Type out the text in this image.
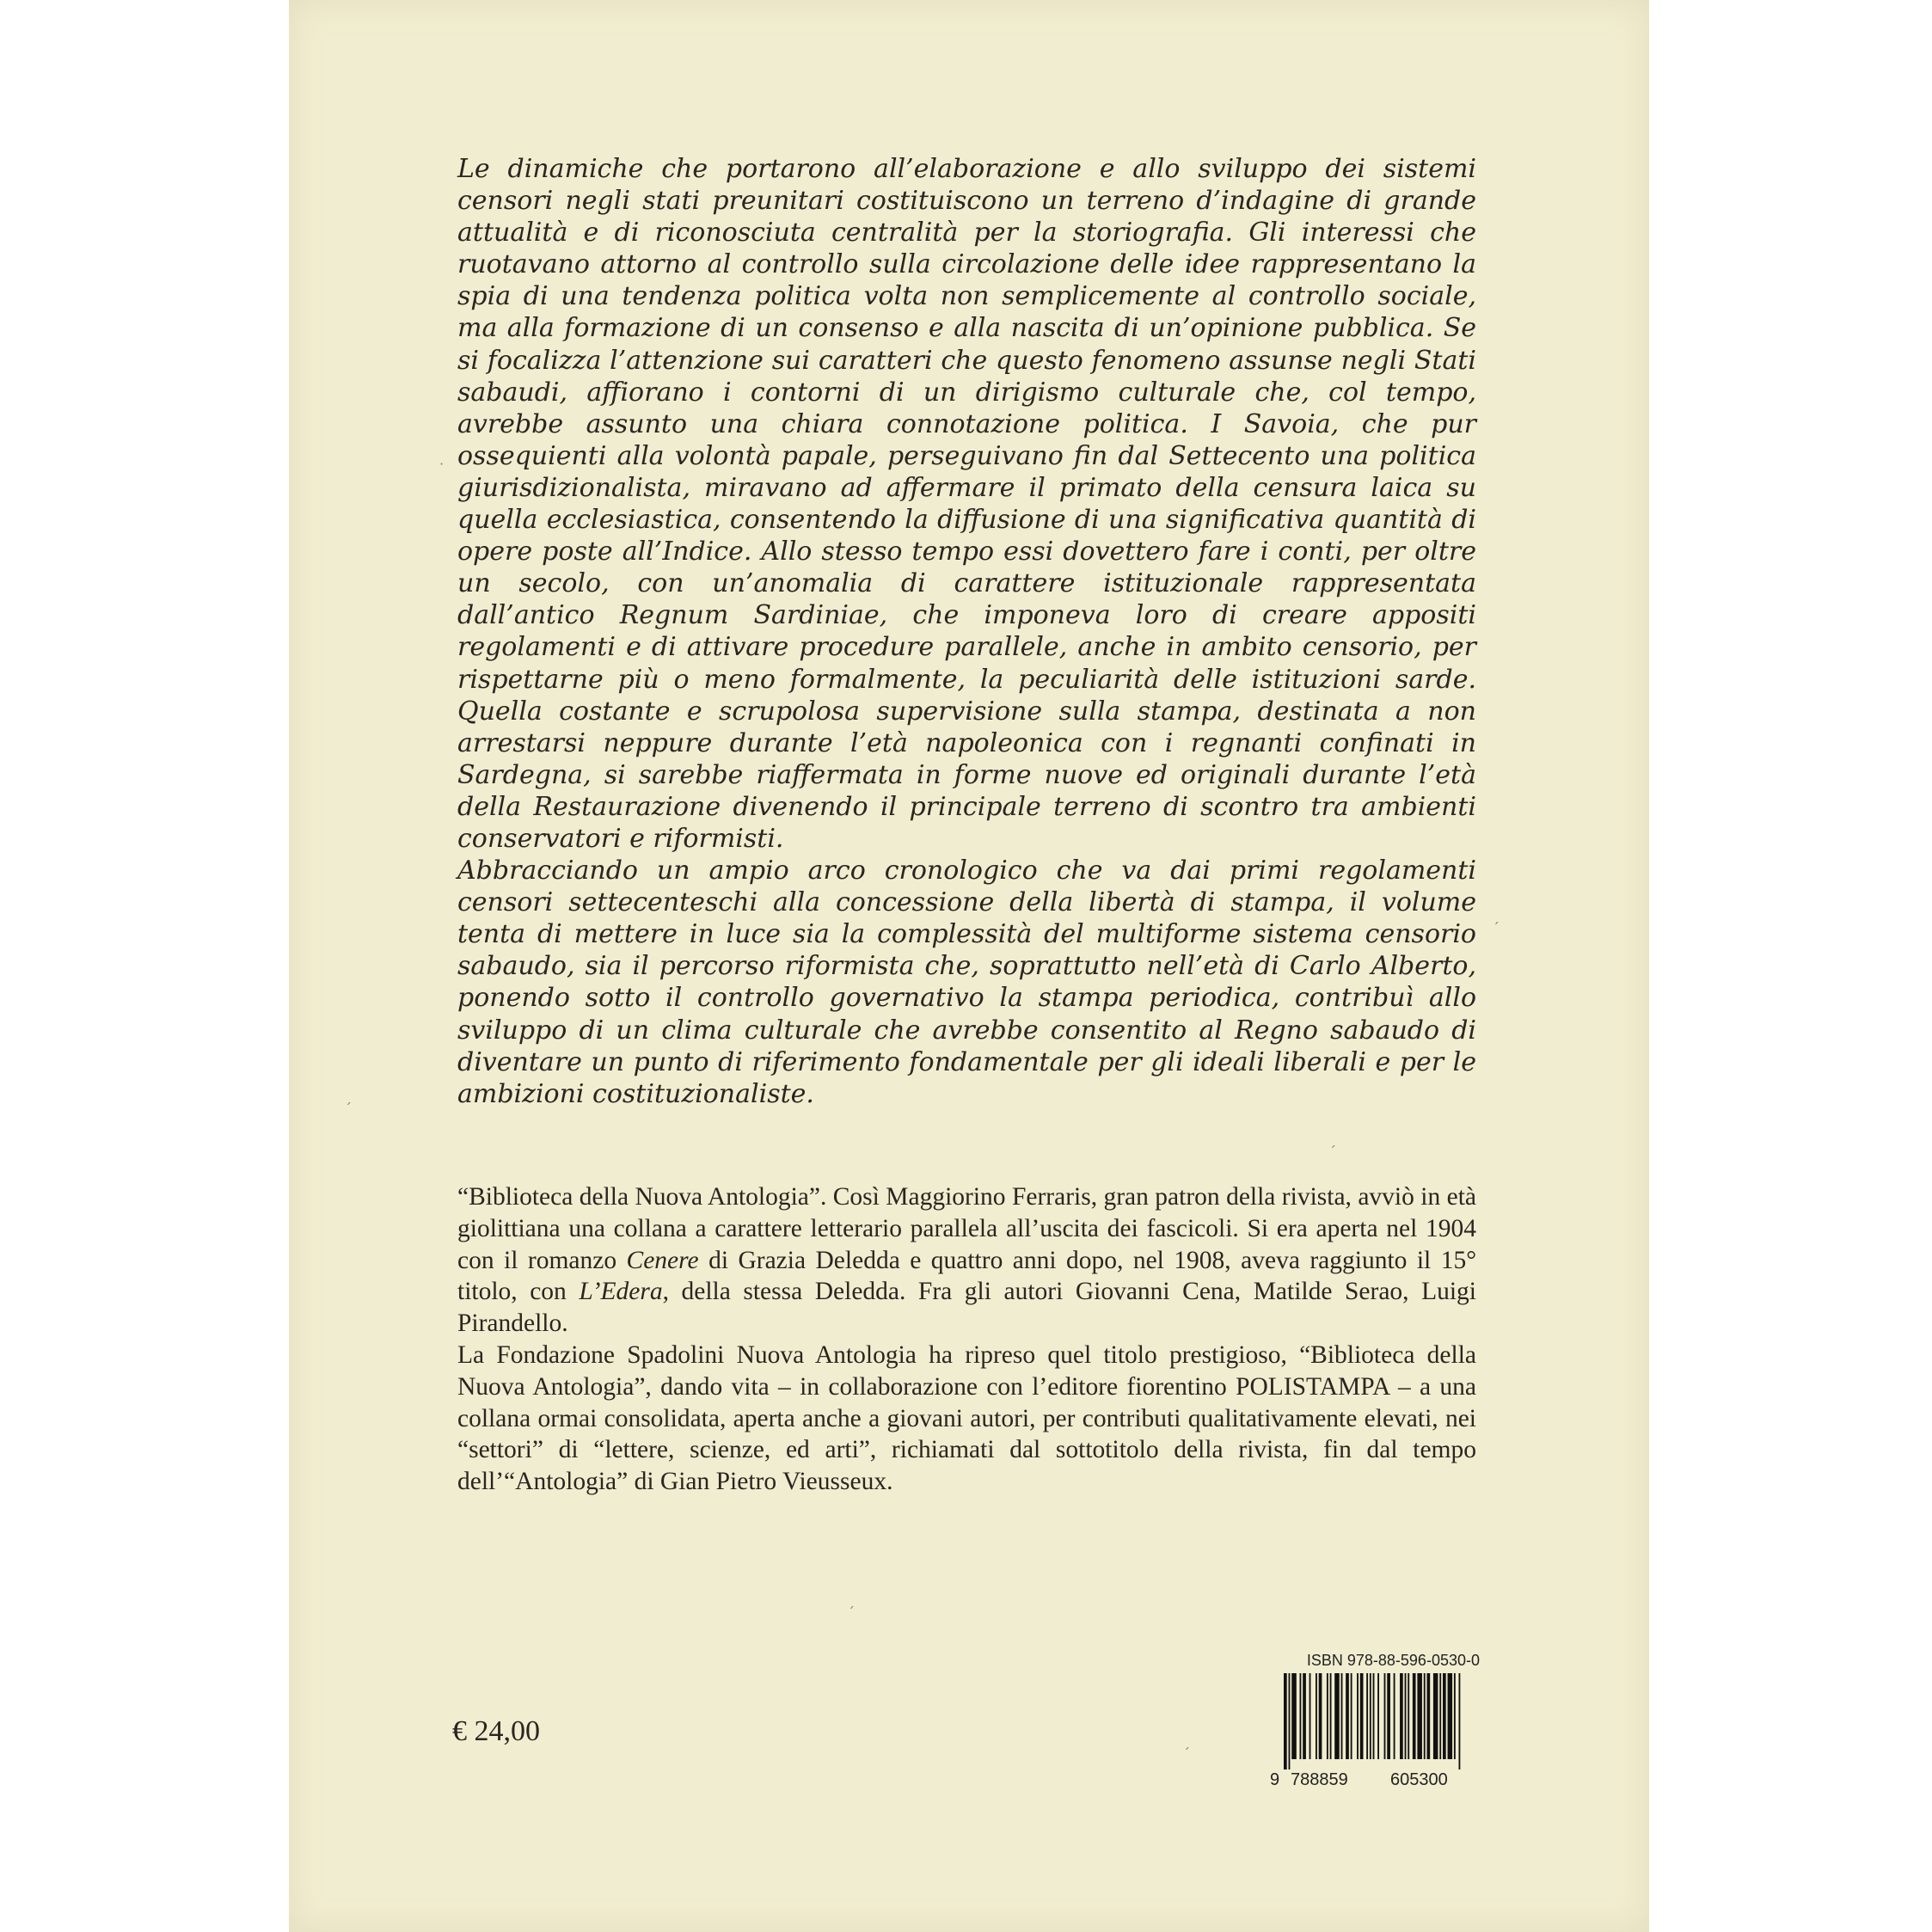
Le dinamiche che portarono all’elaborazione e allo sviluppo dei sistemi censori negli stati preunitari costituiscono un terreno d’indagine di grande attualità e di riconosciuta centralità per la storiografia. Gli interessi che ruotavano attorno al controllo sulla circolazione delle idee rappresentano la spia di una tendenza politica volta non semplicemente al controllo sociale, ma alla formazione di un consenso e alla nascita di un’opinione pubblica. Se si focalizza l’attenzione sui caratteri che questo fenomeno assunse negli Stati sabaudi, affiorano i contorni di un dirigismo culturale che, col tempo, avrebbe assunto una chiara connotazione politica. I Savoia, che pur ossequienti alla volontà papale, perseguivano fin dal Settecento una politica giurisdizionalista, miravano ad affermare il primato della censura laica su quella ecclesiastica, consentendo la diffusione di una significativa quantità di opere poste all’Indice. Allo stesso tempo essi dovettero fare i conti, per oltre un secolo, con un’anomalia di carattere istituzionale rappresentata dall’antico Regnum Sardiniae, che imponeva loro di creare appositi regolamenti e di attivare procedure parallele, anche in ambito censorio, per rispettarne più o meno formalmente, la peculiarità delle istituzioni sarde. Quella costante e scrupolosa supervisione sulla stampa, destinata a non arrestarsi neppure durante l’età napoleonica con i regnanti confinati in Sardegna, si sarebbe riaffermata in forme nuove ed originali durante l’età della Restaurazione divenendo il principale terreno di scontro tra ambienti conservatori e riformisti.

Abbracciando un ampio arco cronologico che va dai primi regolamenti censori settecenteschi alla concessione della libertà di stampa, il volume tenta di mettere in luce sia la complessità del multiforme sistema censorio sabaudo, sia il percorso riformista che, soprattutto nell’età di Carlo Alberto, ponendo sotto il controllo governativo la stampa periodica, contribuì allo sviluppo di un clima culturale che avrebbe consentito al Regno sabaudo di diventare un punto di riferimento fondamentale per gli ideali liberali e per le ambizioni costituzionaliste.

“Biblioteca della Nuova Antologia”. Così Maggiorino Ferraris, gran patron della rivista, avviò in età giolittiana una collana a carattere letterario parallela all’uscita dei fascicoli. Si era aperta nel 1904 con il romanzo Cenere di Grazia Deledda e quattro anni dopo, nel 1908, aveva raggiunto il 15° titolo, con L’Edera, della stessa Deledda. Fra gli autori Giovanni Cena, Matilde Serao, Luigi Pirandello.

La Fondazione Spadolini Nuova Antologia ha ripreso quel titolo prestigioso, “Biblioteca della Nuova Antologia”, dando vita – in collaborazione con l’editore fiorentino POLISTAMPA – a una collana ormai consolidata, aperta anche a giovani autori, per contributi qualitativamente elevati, nei “settori” di “lettere, scienze, ed arti”, richiamati dal sottotitolo della rivista, fin dal tempo dell’“Antologia” di Gian Pietro Vieusseux.

€ 24,00
ISBN 978-88-596-0530-0
9 788859 605300
ˊ
ˊ
ˊ
ˊ
·
ˊ
